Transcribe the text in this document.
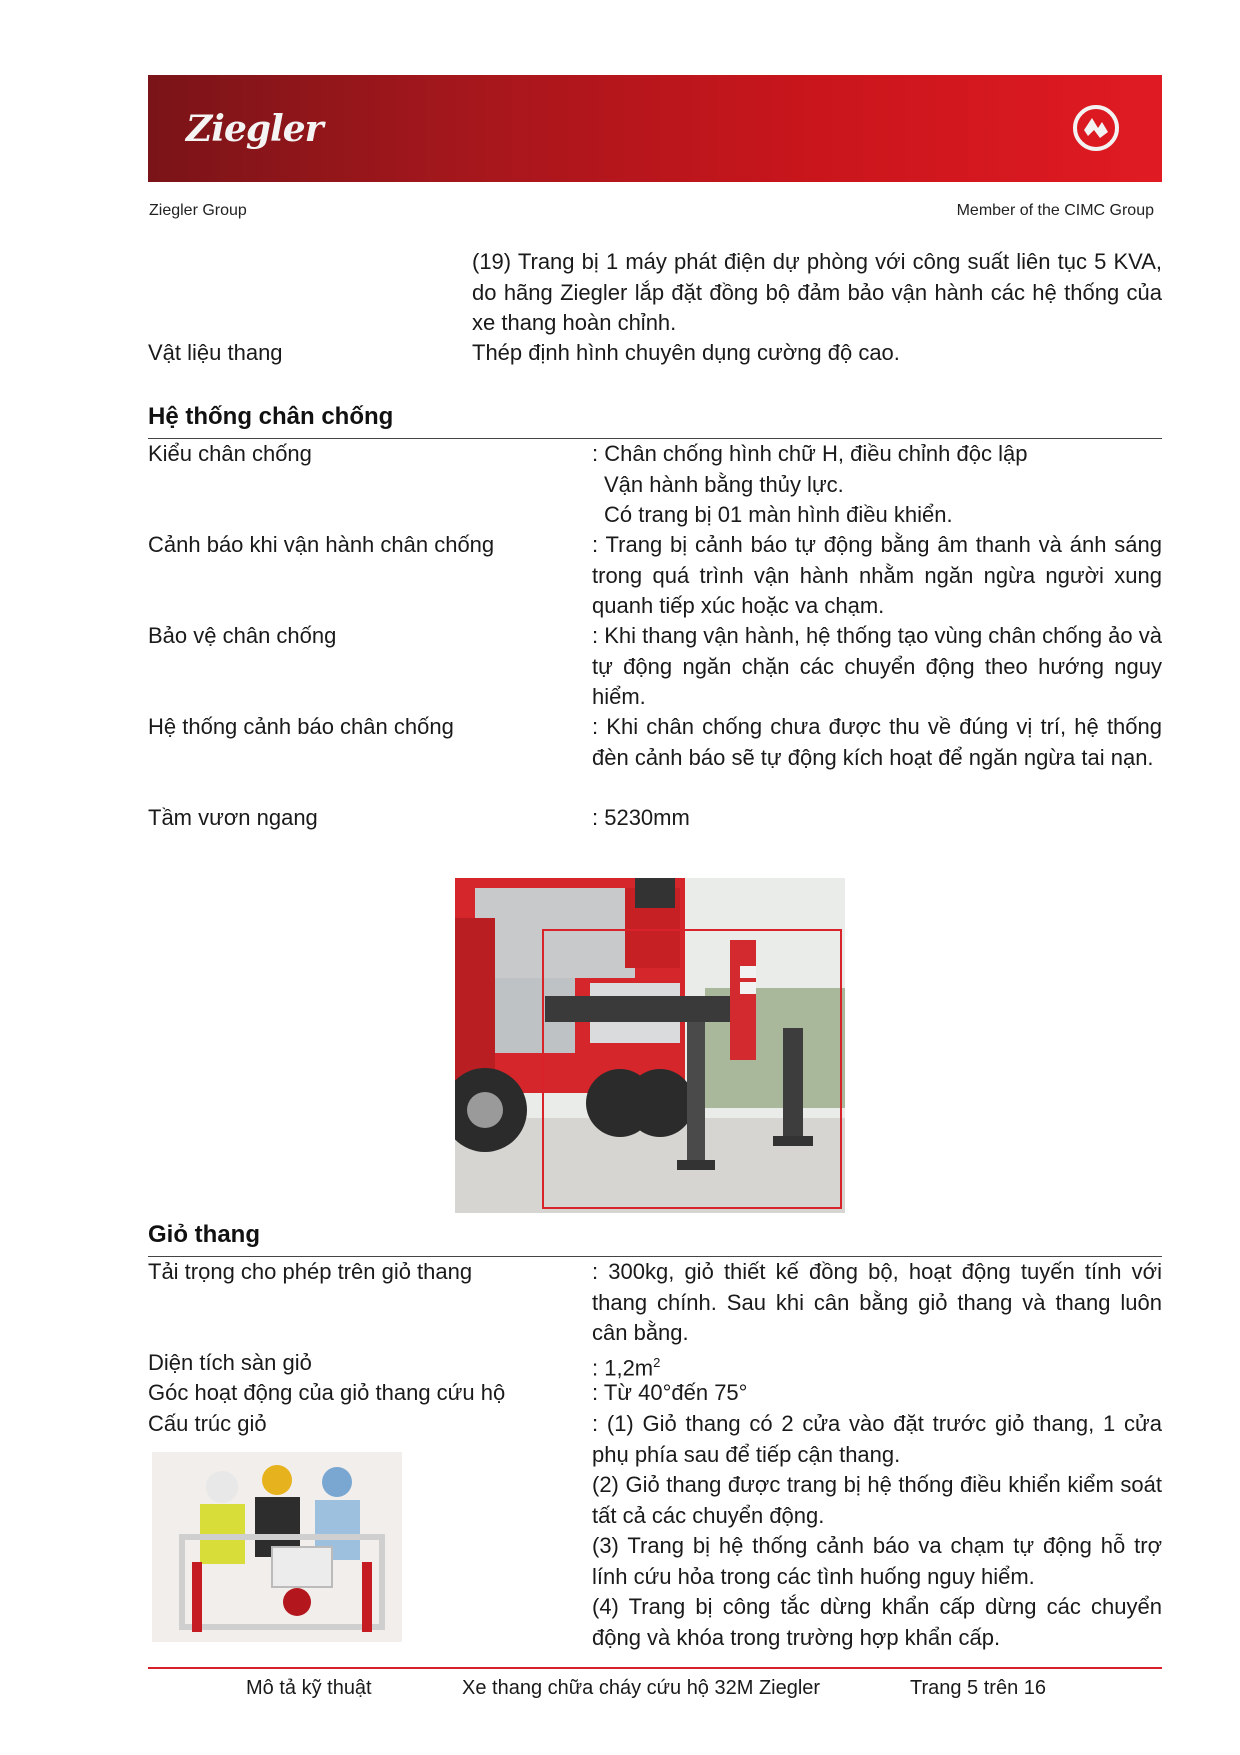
Ziegler
Ziegler Group	Member of the CIMC Group
(19) Trang bị 1 máy phát điện dự phòng với công suất liên tục 5 KVA, do hãng Ziegler lắp đặt đồng bộ đảm bảo vận hành các hệ thống của xe thang hoàn chỉnh.
Vật liệu thang	Thép định hình chuyên dụng cường độ cao.
Hệ thống chân chống
Kiểu chân chống	: Chân chống hình chữ H, điều chỉnh độc lập
Vận hành bằng thủy lực.
Có trang bị 01 màn hình điều khiển.
Cảnh báo khi vận hành chân chống	: Trang bị cảnh báo tự động bằng âm thanh và ánh sáng trong quá trình vận hành nhằm ngăn ngừa người xung quanh tiếp xúc hoặc va chạm.
Bảo vệ chân chống	: Khi thang vận hành, hệ thống tạo vùng chân chống ảo và tự động ngăn chặn các chuyển động theo hướng nguy hiểm.
Hệ thống cảnh báo chân chống	: Khi chân chống chưa được thu về đúng vị trí, hệ thống đèn cảnh báo sẽ tự động kích hoạt để ngăn ngừa tai nạn.
Tầm vươn ngang	: 5230mm
Giỏ thang
Tải trọng cho phép trên giỏ thang	: 300kg, giỏ thiết kế đồng bộ, hoạt động tuyến tính với thang chính. Sau khi cân bằng giỏ thang và thang luôn cân bằng.
Diện tích sàn giỏ	: $1,2m^2$
Góc hoạt động của giỏ thang cứu hộ	: Từ 40°đến 75°
Cấu trúc giỏ	: (1) Giỏ thang có 2 cửa vào đặt trước giỏ thang, 1 cửa phụ phía sau để tiếp cận thang.
(2) Giỏ thang được trang bị hệ thống điều khiển kiểm soát tất cả các chuyển động.
(3) Trang bị hệ thống cảnh báo va chạm tự động hỗ trợ lính cứu hỏa trong các tình huống nguy hiểm.
(4) Trang bị công tắc dừng khẩn cấp dừng các chuyển động và khóa trong trường hợp khẩn cấp.
Mô tả kỹ thuật	Xe thang chữa cháy cứu hộ 32M Ziegler	Trang 5 trên 16
